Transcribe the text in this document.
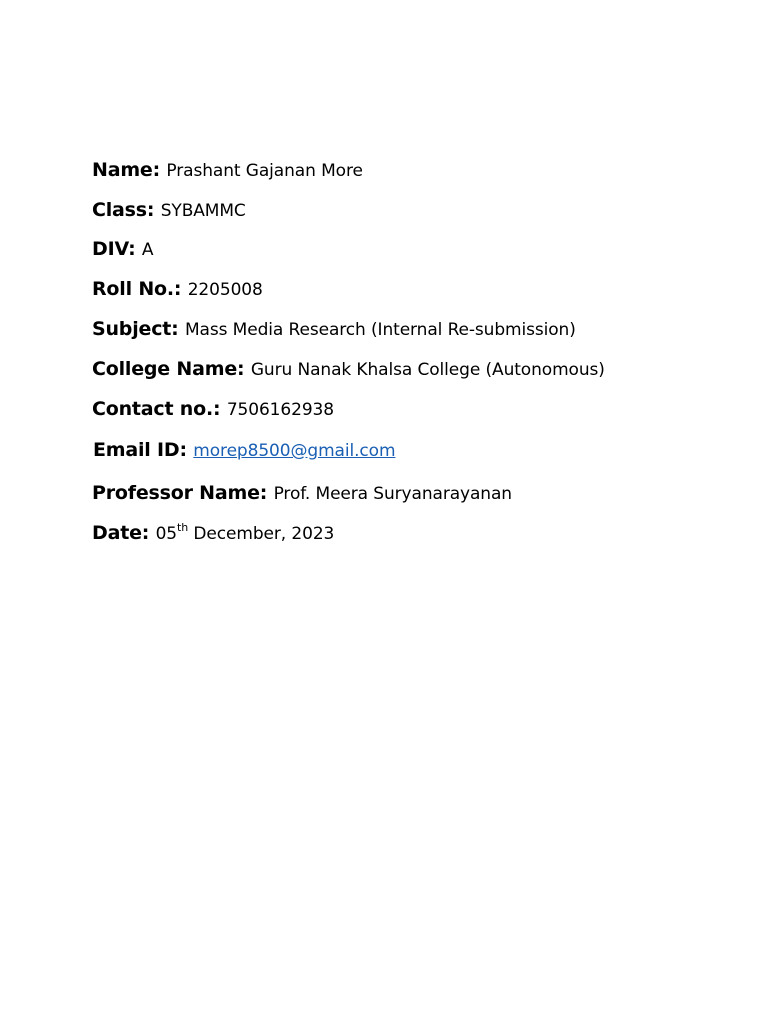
Name: Prashant Gajanan More
Class: SYBAMMC
DIV: A
Roll No.: 2205008
Subject: Mass Media Research (Internal Re-submission)
College Name: Guru Nanak Khalsa College (Autonomous)
Contact no.: 7506162938
Email ID: morep8500@gmail.com
Professor Name: Prof. Meera Suryanarayanan
Date: 05th December, 2023
